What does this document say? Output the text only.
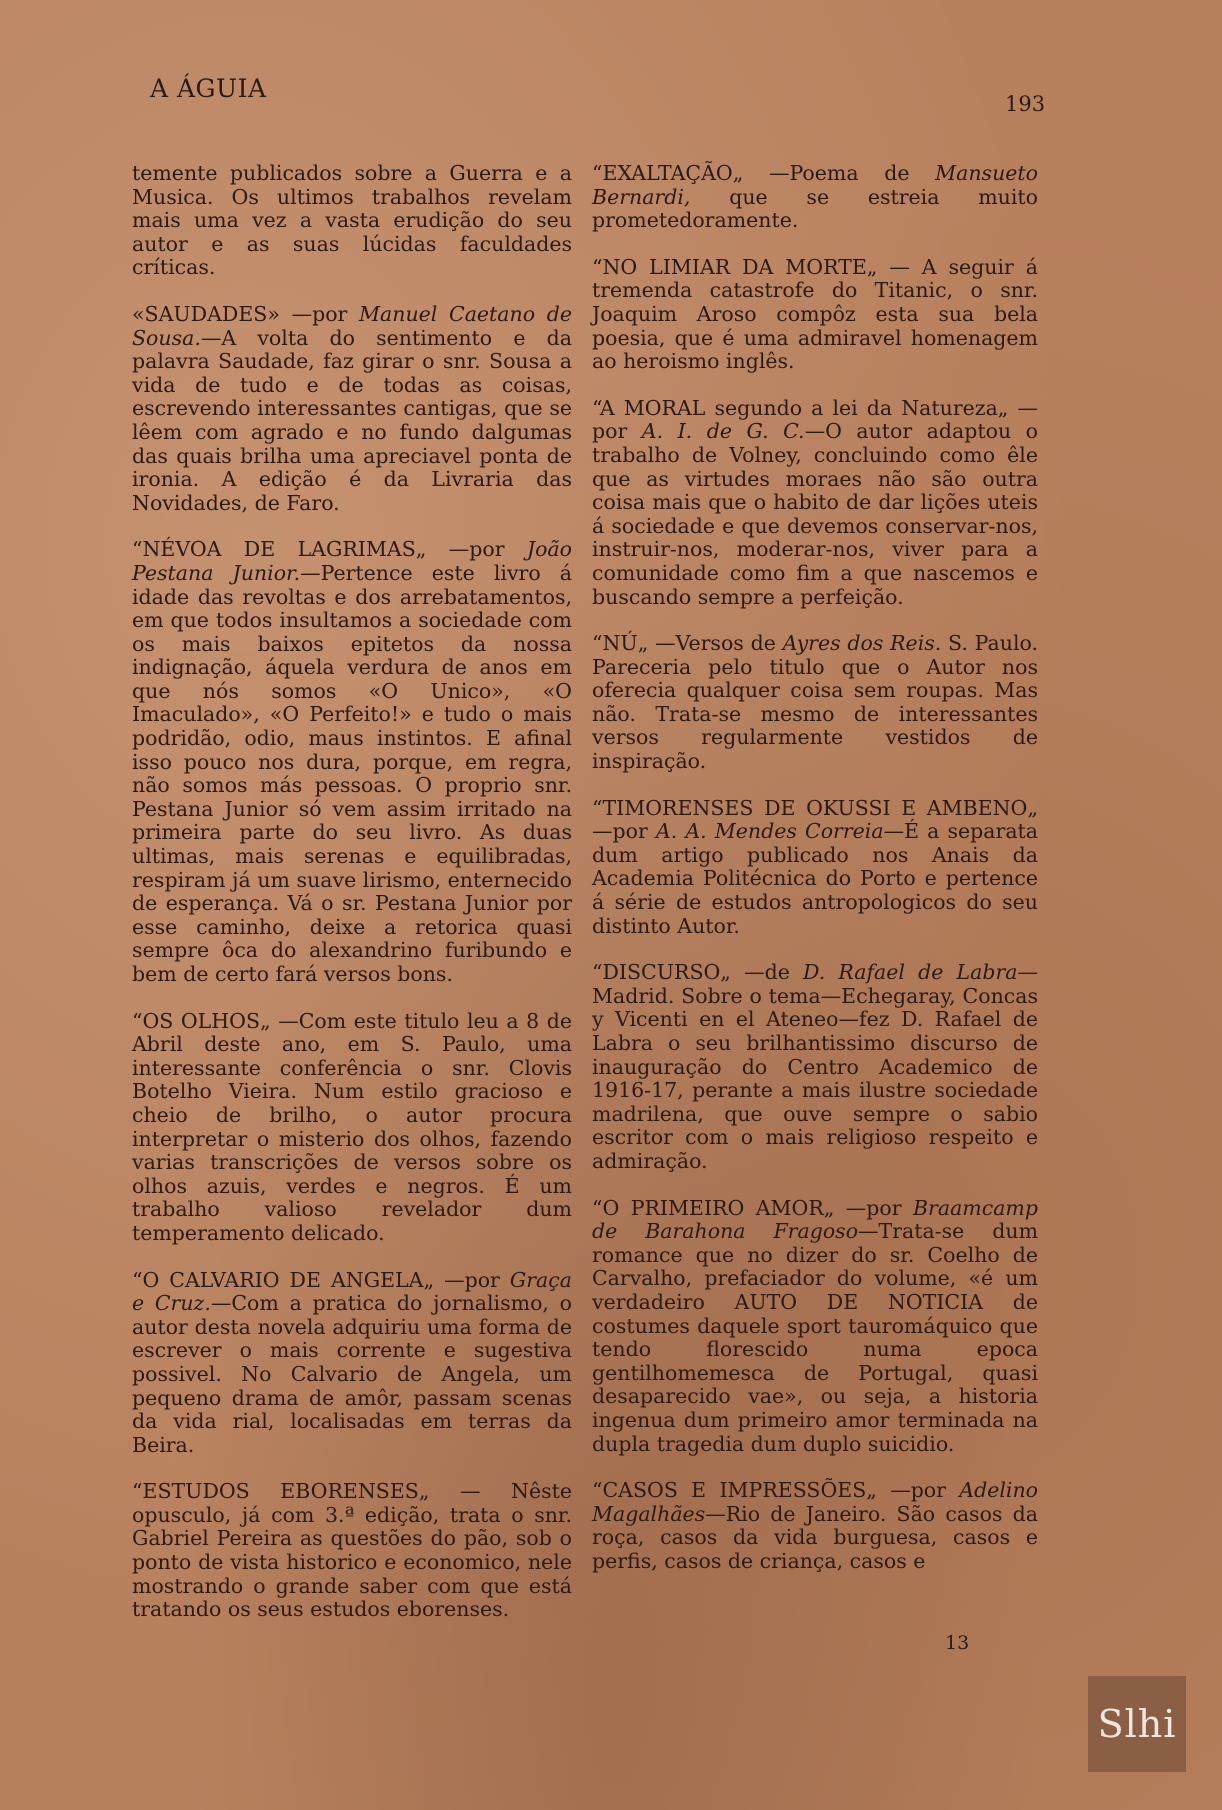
A ÁGUIA
193

temente publicados sobre a Guerra e a Musica. Os ultimos trabalhos revelam mais uma vez a vasta erudição do seu autor e as suas lúcidas faculdades críticas.

«SAUDADES» —por Manuel Caetano de Sousa.—A volta do sentimento e da palavra Saudade, faz girar o snr. Sousa a vida de tudo e de todas as coisas, escrevendo interessantes cantigas, que se lêem com agrado e no fundo dalgumas das quais brilha uma apreciavel ponta de ironia. A edição é da Livraria das Novidades, de Faro.

“NÉVOA DE LAGRIMAS„ —por João Pestana Junior.—Pertence este livro á idade das revoltas e dos arrebatamentos, em que todos insultamos a sociedade com os mais baixos epitetos da nossa indignação, áquela verdura de anos em que nós somos «O Unico», «O Imaculado», «O Perfeito!» e tudo o mais podridão, odio, maus instintos. E afinal isso pouco nos dura, porque, em regra, não somos más pessoas. O proprio snr. Pestana Junior só vem assim irritado na primeira parte do seu livro. As duas ultimas, mais serenas e equilibradas, respiram já um suave lirismo, enternecido de esperança. Vá o sr. Pestana Junior por esse caminho, deixe a retorica quasi sempre ôca do alexandrino furibundo e bem de certo fará versos bons.

“OS OLHOS„ —Com este titulo leu a 8 de Abril deste ano, em S. Paulo, uma interessante conferência o snr. Clovis Botelho Vieira. Num estilo gracioso e cheio de brilho, o autor procura interpretar o misterio dos olhos, fazendo varias transcrições de versos sobre os olhos azuis, verdes e negros. É um trabalho valioso revelador dum temperamento delicado.

“O CALVARIO DE ANGELA„ —por Graça e Cruz.—Com a pratica do jornalismo, o autor desta novela adquiriu uma forma de escrever o mais corrente e sugestiva possivel. No Calvario de Angela, um pequeno drama de amôr, passam scenas da vida rial, localisadas em terras da Beira.

“ESTUDOS EBORENSES„ — Nêste opusculo, já com 3.ª edição, trata o snr. Gabriel Pereira as questões do pão, sob o ponto de vista historico e economico, nele mostrando o grande saber com que está tratando os seus estudos eborenses.

“EXALTAÇÃO„ —Poema de Mansueto Bernardi, que se estreia muito prometedoramente.

“NO LIMIAR DA MORTE„ — A seguir á tremenda catastrofe do Titanic, o snr. Joaquim Aroso compôz esta sua bela poesia, que é uma admiravel homenagem ao heroismo inglês.

“A MORAL segundo a lei da Natureza„ —por A. I. de G. C.—O autor adaptou o trabalho de Volney, concluindo como êle que as virtudes moraes não são outra coisa mais que o habito de dar lições uteis á sociedade e que devemos conservar-nos, instruir-nos, moderar-nos, viver para a comunidade como fim a que nascemos e buscando sempre a perfeição.

“NÚ„ —Versos de Ayres dos Reis. S. Paulo. Pareceria pelo titulo que o Autor nos oferecia qualquer coisa sem roupas. Mas não. Trata-se mesmo de interessantes versos regularmente vestidos de inspiração.

“TIMORENSES DE OKUSSI E AMBENO„ —por A. A. Mendes Correia—É a separata dum artigo publicado nos Anais da Academia Politécnica do Porto e pertence á série de estudos antropologicos do seu distinto Autor.

“DISCURSO„ —de D. Rafael de Labra—Madrid. Sobre o tema—Echegaray, Concas y Vicenti en el Ateneo—fez D. Rafael de Labra o seu brilhantissimo discurso de inauguração do Centro Academico de 1916-17, perante a mais ilustre sociedade madrilena, que ouve sempre o sabio escritor com o mais religioso respeito e admiração.

“O PRIMEIRO AMOR„ —por Braamcamp de Barahona Fragoso—Trata-se dum romance que no dizer do sr. Coelho de Carvalho, prefaciador do volume, «é um verdadeiro AUTO DE NOTICIA de costumes daquele sport tauromáquico que tendo florescido numa epoca gentilhomemesca de Portugal, quasi desaparecido vae», ou seja, a historia ingenua dum primeiro amor terminada na dupla tragedia dum duplo suicidio.

“CASOS E IMPRESSÕES„ —por Adelino Magalhães—Rio de Janeiro. São casos da roça, casos da vida burguesa, casos e perfis, casos de criança, casos e

13
Slhi
